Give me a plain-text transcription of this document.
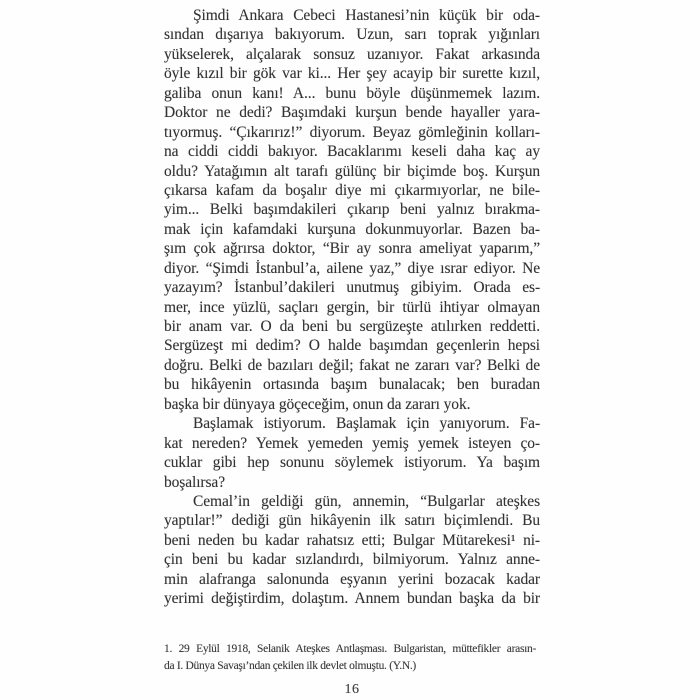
Şimdi Ankara Cebeci Hastanesi’nin küçük bir oda-
sından dışarıya bakıyorum. Uzun, sarı toprak yığınları
yükselerek, alçalarak sonsuz uzanıyor. Fakat arkasında
öyle kızıl bir gök var ki... Her şey acayip bir surette kızıl,
galiba onun kanı! A... bunu böyle düşünmemek lazım.
Doktor ne dedi? Başımdaki kurşun bende hayaller yara-
tıyormuş. “Çıkarırız!” diyorum. Beyaz gömleğinin kolları-
na ciddi ciddi bakıyor. Bacaklarımı keseli daha kaç ay
oldu? Yatağımın alt tarafı gülünç bir biçimde boş. Kurşun
çıkarsa kafam da boşalır diye mi çıkarmıyorlar, ne bile-
yim... Belki başımdakileri çıkarıp beni yalnız bırakma-
mak için kafamdaki kurşuna dokunmuyorlar. Bazen ba-
şım çok ağrırsa doktor, “Bir ay sonra ameliyat yaparım,”
diyor. “Şimdi İstanbul’a, ailene yaz,” diye ısrar ediyor. Ne
yazayım? İstanbul’dakileri unutmuş gibiyim. Orada es-
mer, ince yüzlü, saçları gergin, bir türlü ihtiyar olmayan
bir anam var. O da beni bu sergüzeşte atılırken reddetti.
Sergüzeşt mi dedim? O halde başımdan geçenlerin hepsi
doğru. Belki de bazıları değil; fakat ne zararı var? Belki de
bu hikâyenin ortasında başım bunalacak; ben buradan
başka bir dünyaya göçeceğim, onun da zararı yok.
Başlamak istiyorum. Başlamak için yanıyorum. Fa-
kat nereden? Yemek yemeden yemiş yemek isteyen ço-
cuklar gibi hep sonunu söylemek istiyorum. Ya başım
boşalırsa?
Cemal’in geldiği gün, annemin, “Bulgarlar ateşkes
yaptılar!” dediği gün hikâyenin ilk satırı biçimlendi. Bu
beni neden bu kadar rahatsız etti; Bulgar Mütarekesi¹ ni-
çin beni bu kadar sızlandırdı, bilmiyorum. Yalnız anne-
min alafranga salonunda eşyanın yerini bozacak kadar
yerimi değiştirdim, dolaştım. Annem bundan başka da bir
1. 29 Eylül 1918, Selanik Ateşkes Antlaşması. Bulgaristan, müttefikler arasın-
da I. Dünya Savaşı’ndan çekilen ilk devlet olmuştu. (Y.N.)
16
